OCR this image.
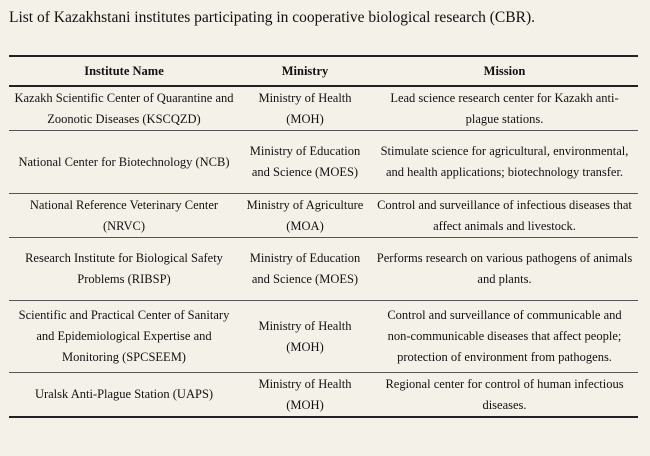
List of Kazakhstani institutes participating in cooperative biological research (CBR).
Institute Name	Ministry	Mission
Kazakh Scientific Center of Quarantine and Zoonotic Diseases (KSCQZD)	Ministry of Health (MOH)	Lead science research center for Kazakh anti-plague stations.
National Center for Biotechnology (NCB)	Ministry of Education and Science (MOES)	Stimulate science for agricultural, environmental, and health applications; biotechnology transfer.
National Reference Veterinary Center (NRVC)	Ministry of Agriculture (MOA)	Control and surveillance of infectious diseases that affect animals and livestock.
Research Institute for Biological Safety Problems (RIBSP)	Ministry of Education and Science (MOES)	Performs research on various pathogens of animals and plants.
Scientific and Practical Center of Sanitary and Epidemiological Expertise and Monitoring (SPCSEEM)	Ministry of Health (MOH)	Control and surveillance of communicable and non-communicable diseases that affect people; protection of environment from pathogens.
Uralsk Anti-Plague Station (UAPS)	Ministry of Health (MOH)	Regional center for control of human infectious diseases.
